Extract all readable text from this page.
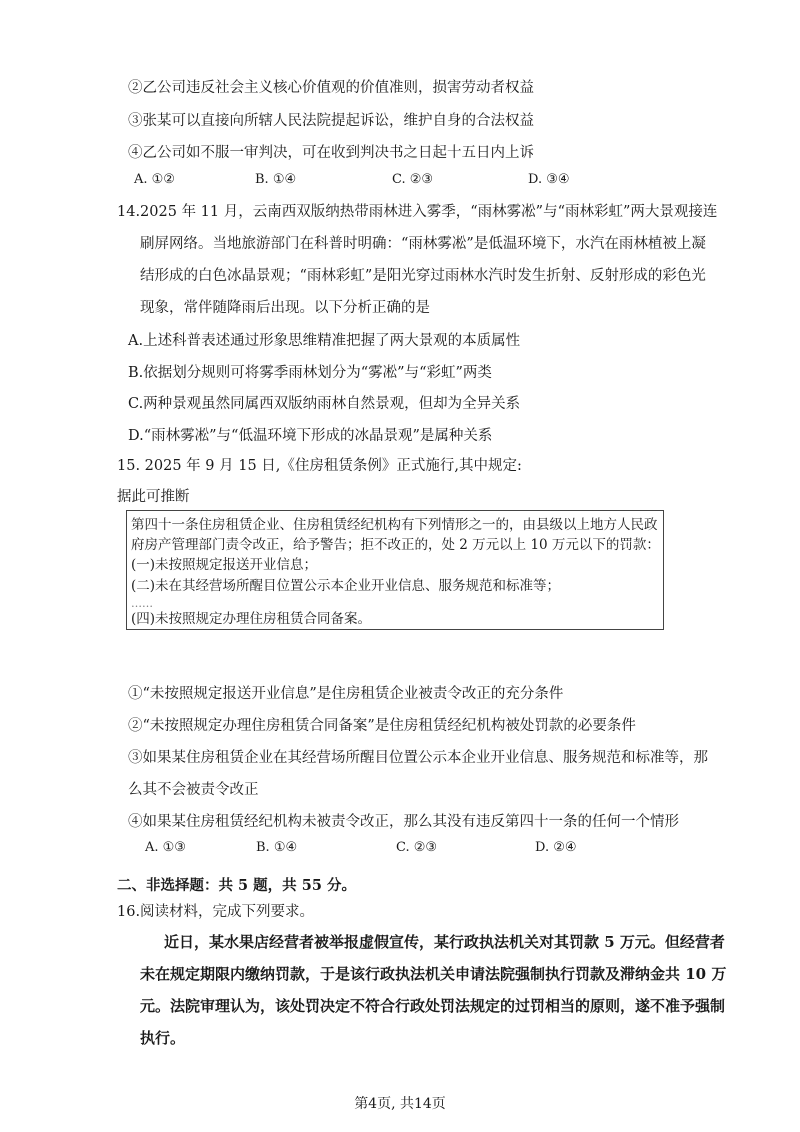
②乙公司违反社会主义核心价值观的价值准则，损害劳动者权益
③张某可以直接向所辖人民法院提起诉讼，维护自身的合法权益
④乙公司如不服一审判决，可在收到判决书之日起十五日内上诉
A. ①②	B. ①④	C. ②③	D. ③④
14.2025 年 11 月，云南西双版纳热带雨林进入雾季，“雨林雾凇”与“雨林彩虹”两大景观接连
刷屏网络。当地旅游部门在科普时明确：“雨林雾凇”是低温环境下，水汽在雨林植被上凝
结形成的白色冰晶景观；“雨林彩虹”是阳光穿过雨林水汽时发生折射、反射形成的彩色光
现象，常伴随降雨后出现。以下分析正确的是
A.上述科普表述通过形象思维精准把握了两大景观的本质属性
B.依据划分规则可将雾季雨林划分为“雾凇”与“彩虹”两类
C.两种景观虽然同属西双版纳雨林自然景观，但却为全异关系
D.“雨林雾凇”与“低温环境下形成的冰晶景观”是属种关系
15. 2025 年 9 月 15 日,《住房租赁条例》正式施行,其中规定:
据此可推断
第四十一条住房租赁企业、住房租赁经纪机构有下列情形之一的，由县级以上地方人民政
府房产管理部门责令改正，给予警告；拒不改正的，处 2 万元以上 10 万元以下的罚款：
(一)未按照规定报送开业信息；
(二)未在其经营场所醒目位置公示本企业开业信息、服务规范和标准等；
……
(四)未按照规定办理住房租赁合同备案。
①“未按照规定报送开业信息”是住房租赁企业被责令改正的充分条件
②“未按照规定办理住房租赁合同备案”是住房租赁经纪机构被处罚款的必要条件
③如果某住房租赁企业在其经营场所醒目位置公示本企业开业信息、服务规范和标准等，那
么其不会被责令改正
④如果某住房租赁经纪机构未被责令改正，那么其没有违反第四十一条的任何一个情形
A. ①③	B. ①④	C. ②③	D. ②④
二、非选择题：共 5 题，共 55 分。
16.阅读材料，完成下列要求。
近日，某水果店经营者被举报虚假宣传，某行政执法机关对其罚款 5 万元。但经营者
未在规定期限内缴纳罚款，于是该行政执法机关申请法院强制执行罚款及滞纳金共 10 万
元。法院审理认为，该处罚决定不符合行政处罚法规定的过罚相当的原则，遂不准予强制
执行。
第4页, 共14页
